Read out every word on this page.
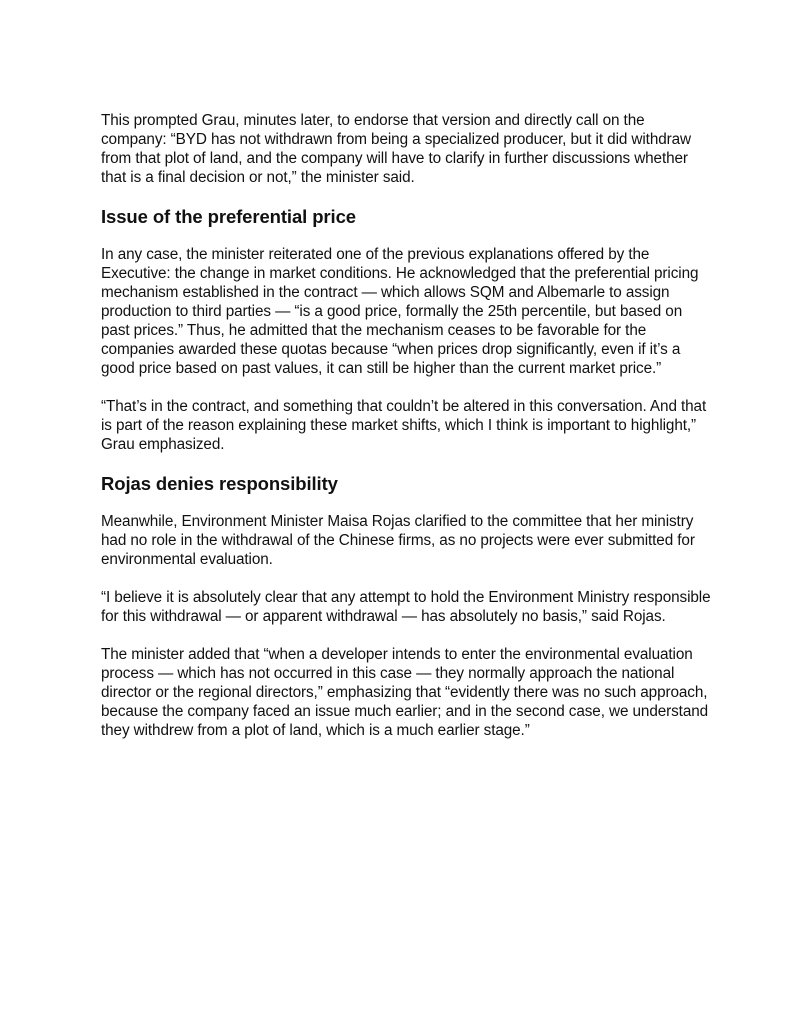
This prompted Grau, minutes later, to endorse that version and directly call on the company: “BYD has not withdrawn from being a specialized producer, but it did withdraw from that plot of land, and the company will have to clarify in further discussions whether that is a final decision or not,” the minister said.

Issue of the preferential price

In any case, the minister reiterated one of the previous explanations offered by the Executive: the change in market conditions. He acknowledged that the preferential pricing mechanism established in the contract — which allows SQM and Albemarle to assign production to third parties — “is a good price, formally the 25th percentile, but based on past prices.” Thus, he admitted that the mechanism ceases to be favorable for the companies awarded these quotas because “when prices drop significantly, even if it’s a good price based on past values, it can still be higher than the current market price.”

“That’s in the contract, and something that couldn’t be altered in this conversation. And that is part of the reason explaining these market shifts, which I think is important to highlight,” Grau emphasized.

Rojas denies responsibility

Meanwhile, Environment Minister Maisa Rojas clarified to the committee that her ministry had no role in the withdrawal of the Chinese firms, as no projects were ever submitted for environmental evaluation.

“I believe it is absolutely clear that any attempt to hold the Environment Ministry responsible for this withdrawal — or apparent withdrawal — has absolutely no basis,” said Rojas.

The minister added that “when a developer intends to enter the environmental evaluation process — which has not occurred in this case — they normally approach the national director or the regional directors,” emphasizing that “evidently there was no such approach, because the company faced an issue much earlier; and in the second case, we understand they withdrew from a plot of land, which is a much earlier stage.”
